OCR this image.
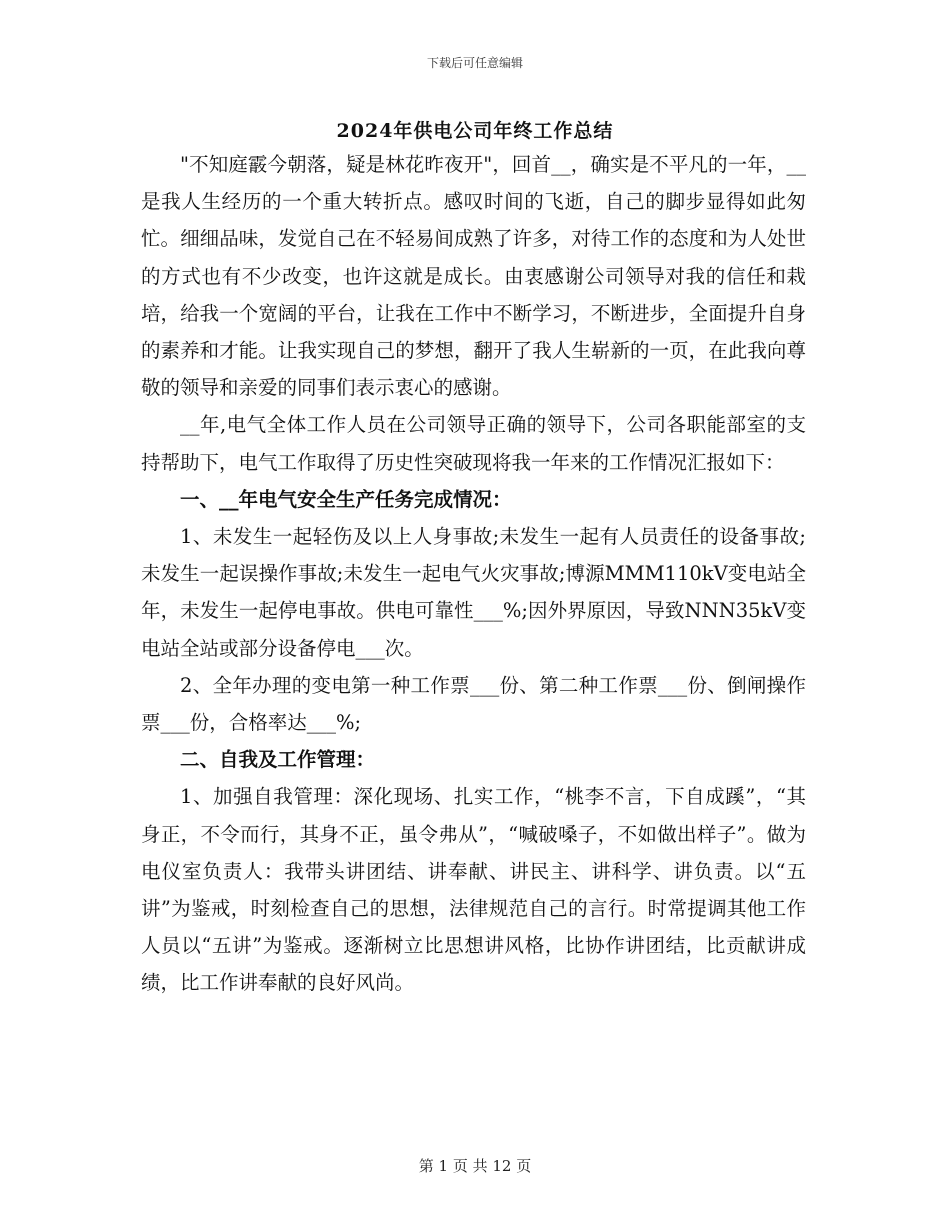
下载后可任意编辑
2024年供电公司年终工作总结

"不知庭霰今朝落，疑是林花昨夜开"，回首__，确实是不平凡的一年，__是我人生经历的一个重大转折点。感叹时间的飞逝，自己的脚步显得如此匆忙。细细品味，发觉自己在不轻易间成熟了许多，对待工作的态度和为人处世的方式也有不少改变，也许这就是成长。由衷感谢公司领导对我的信任和栽培，给我一个宽阔的平台，让我在工作中不断学习，不断进步，全面提升自身的素养和才能。让我实现自己的梦想，翻开了我人生崭新的一页，在此我向尊敬的领导和亲爱的同事们表示衷心的感谢。

__年,电气全体工作人员在公司领导正确的领导下，公司各职能部室的支持帮助下，电气工作取得了历史性突破现将我一年来的工作情况汇报如下：

一、__年电气安全生产任务完成情况：

1、未发生一起轻伤及以上人身事故;未发生一起有人员责任的设备事故;未发生一起误操作事故;未发生一起电气火灾事故;博源MMM110kV变电站全年，未发生一起停电事故。供电可靠性___%;因外界原因，导致NNN35kV变电站全站或部分设备停电___次。

2、全年办理的变电第一种工作票___份、第二种工作票___份、倒闸操作票___份，合格率达___%;

二、自我及工作管理：

1、加强自我管理：深化现场、扎实工作，“桃李不言，下自成蹊”，“其身正，不令而行，其身不正，虽令弗从”，“喊破嗓子，不如做出样子”。做为电仪室负责人：我带头讲团结、讲奉献、讲民主、讲科学、讲负责。以“五讲”为鉴戒，时刻检查自己的思想，法律规范自己的言行。时常提调其他工作人员以“五讲”为鉴戒。逐渐树立比思想讲风格，比协作讲团结，比贡献讲成绩，比工作讲奉献的良好风尚。

第 1 页 共 12 页
